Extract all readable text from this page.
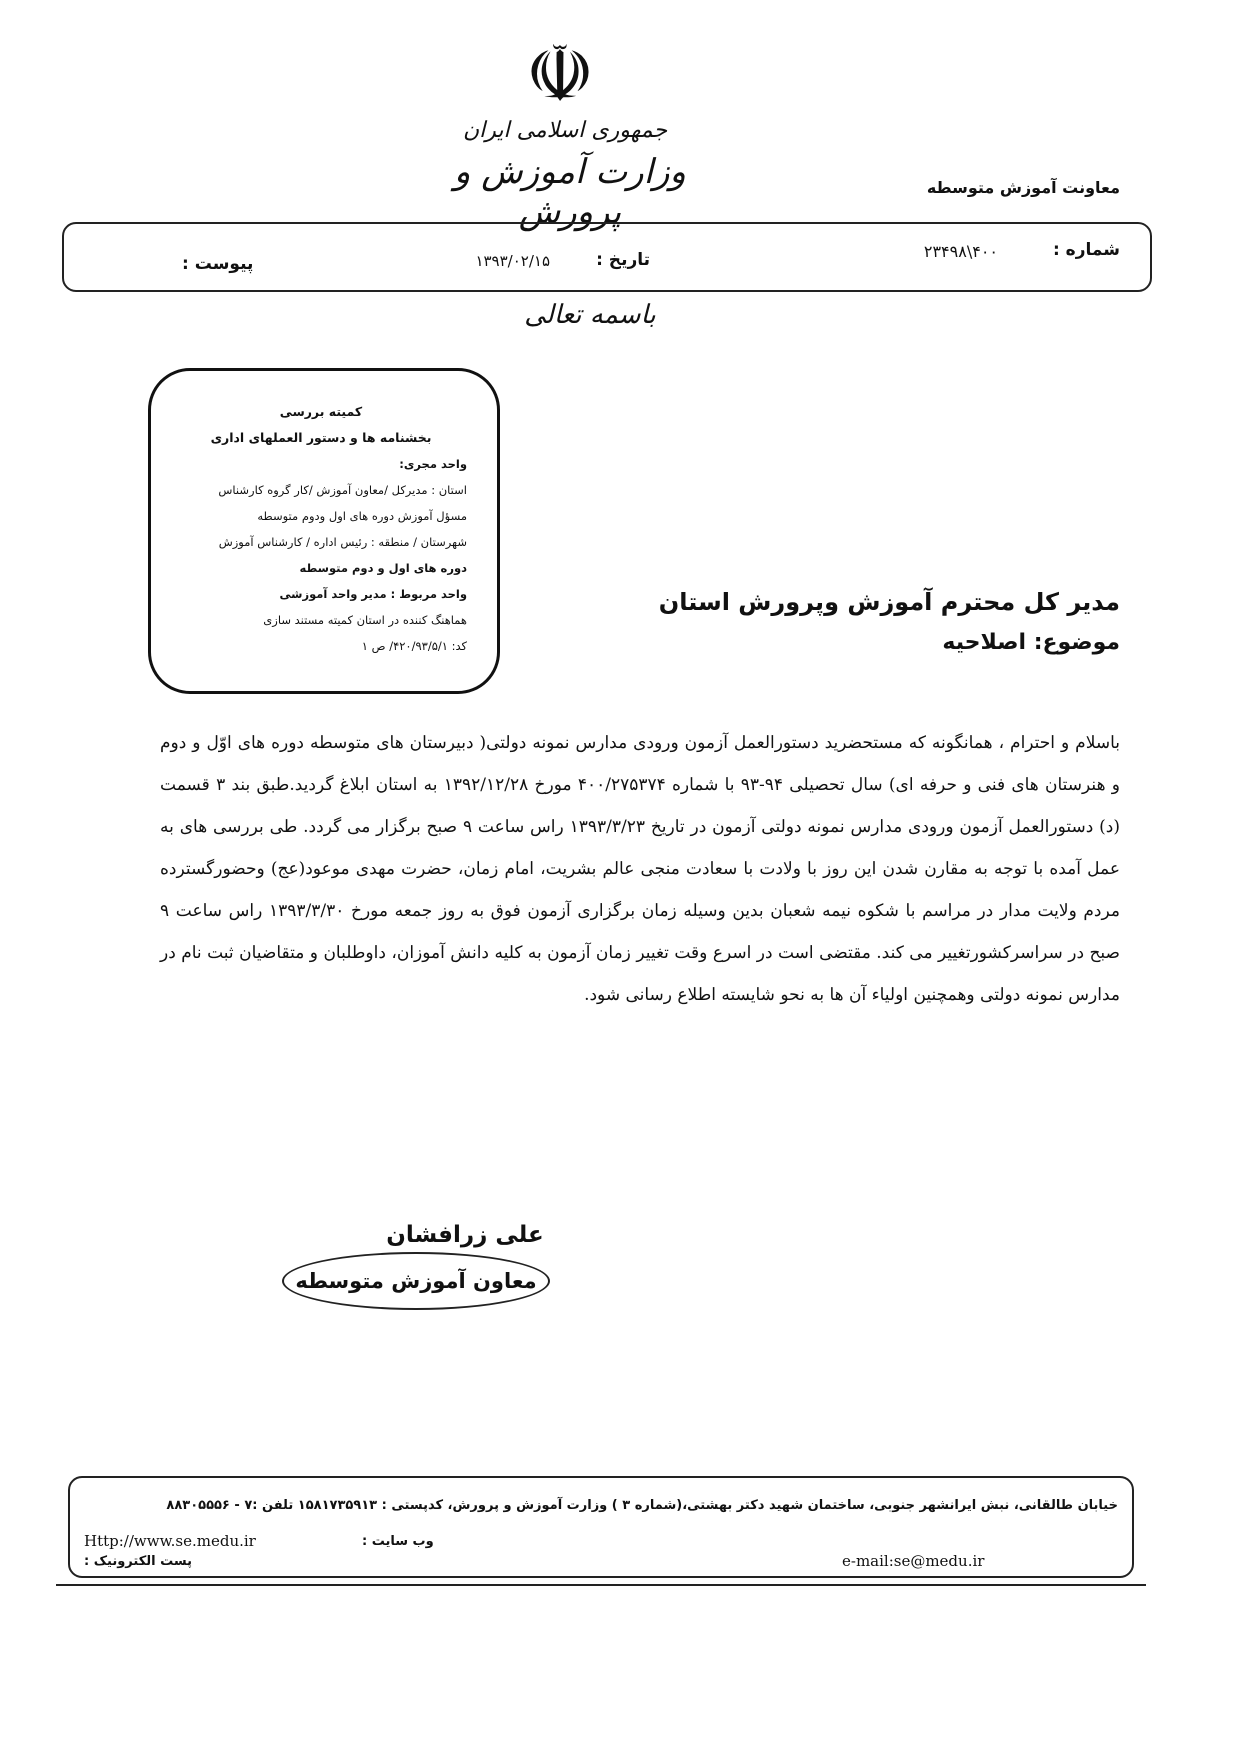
☫
جمهوری اسلامی ایران
وزارت آموزش و پرورش
معاونت آموزش متوسطه
شماره :
۴۰۰\۲۳۴۹۸
تاریخ :
۱۳۹۳/۰۲/۱۵
پیوست :
باسمه تعالی
کمیته بررسی
بخشنامه ها و دستور العملهای اداری
واحد مجری:
استان : مدیرکل /معاون آموزش /کار گروه کارشناس
مسؤل آموزش دوره های اول ودوم متوسطه
شهرستان / منطقه : رئیس اداره / کارشناس آموزش
دوره های اول و دوم متوسطه
واحد مربوط : مدیر واحد آموزشی
هماهنگ کننده در استان کمیته مستند سازی
کد: ۴۲۰/۹۳/۵/۱/ ص ۱
مدیر کل محترم آموزش وپرورش استان
موضوع: اصلاحیه
باسلام و احترام ، همانگونه که مستحضرید دستورالعمل آزمون ورودی مدارس نمونه دولتی( دبیرستان های متوسطه دوره های اوّل و دوم و هنرستان های فنی و حرفه ای) سال تحصیلی ۹۴-۹۳ با شماره ۴۰۰/۲۷۵۳۷۴ مورخ ۱۳۹۲/۱۲/۲۸ به استان ابلاغ گردید.طبق بند ۳ قسمت (د) دستورالعمل آزمون ورودی مدارس نمونه دولتی آزمون در تاریخ ۱۳۹۳/۳/۲۳ راس ساعت ۹ صبح برگزار می گردد. طی بررسی های به عمل آمده با توجه به مقارن شدن این روز با ولادت با سعادت منجی عالم بشریت، امام زمان، حضرت مهدی موعود(عج) وحضورگسترده مردم ولایت مدار در مراسم با شکوه نیمه شعبان بدین وسیله زمان برگزاری آزمون فوق به روز جمعه مورخ ۱۳۹۳/۳/۳۰ راس ساعت ۹ صبح در سراسرکشورتغییر می کند. مقتضی است در اسرع وقت تغییر زمان آزمون به کلیه دانش آموزان، داوطلبان و متقاضیان ثبت نام در مدارس نمونه دولتی وهمچنین اولیاء آن ها به نحو شایسته اطلاع رسانی شود.
علی زرافشان
معاون آموزش متوسطه
خیابان طالقانی، نبش ایرانشهر جنوبی، ساختمان شهید دکتر بهشتی،(شماره ۳ ) وزارت آموزش و پرورش، کدپستی : ۱۵۸۱۷۳۵۹۱۳ تلفن :۷ - ۸۸۳۰۵۵۵۶
وب سایت :
Http://www.se.medu.ir
پست الکترونیک :	e-mail:se@medu.ir
